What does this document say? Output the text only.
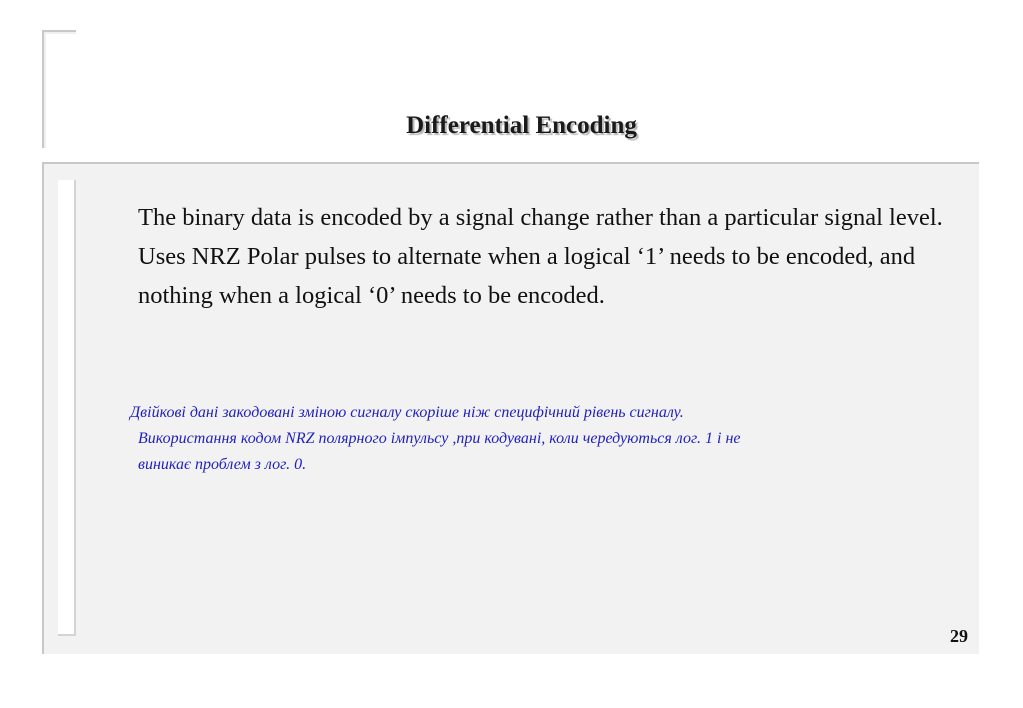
Differential Encoding

The binary data is encoded by a signal change rather than a particular signal level. Uses NRZ Polar pulses to alternate when a logical ‘1’ needs to be encoded, and nothing when a logical ‘0’ needs to be encoded.

Двійкові дані закодовані зміною сигналу скоріше ніж специфічний рівень сигналу.
Використання кодом NRZ полярного імпульсу ,при кодувані, коли чередуються лог. 1 і не
виникає проблем з лог. 0.
29
